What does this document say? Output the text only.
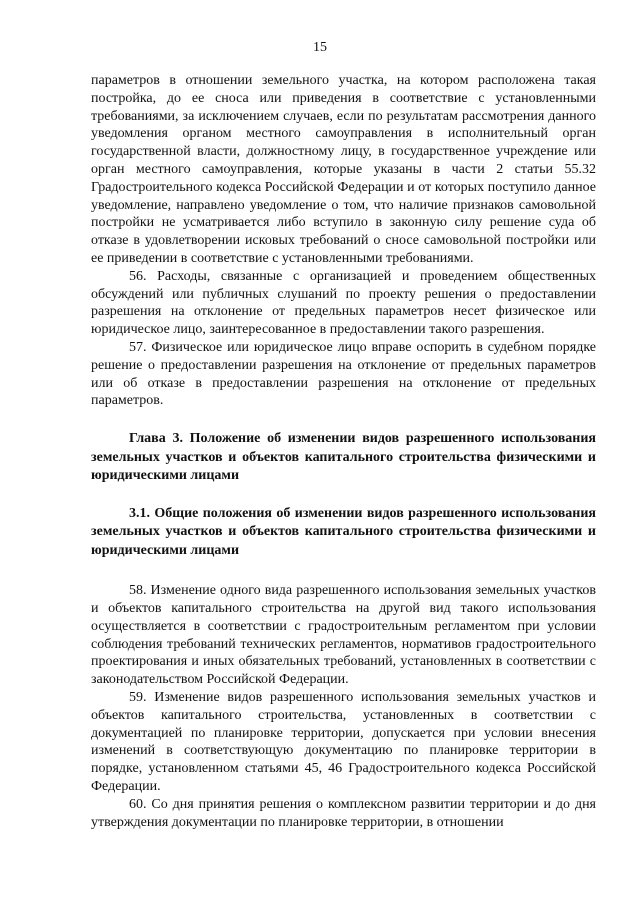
15

параметров в отношении земельного участка, на котором расположена такая постройка, до ее сноса или приведения в соответствие с установленными требованиями, за исключением случаев, если по результатам рассмотрения данного уведомления органом местного самоуправления в исполнительный орган государственной власти, должностному лицу, в государственное учреждение или орган местного самоуправления, которые указаны в части 2 статьи 55.32 Градостроительного кодекса Российской Федерации и от которых поступило данное уведомление, направлено уведомление о том, что наличие признаков самовольной постройки не усматривается либо вступило в законную силу решение суда об отказе в удовлетворении исковых требований о сносе самовольной постройки или ее приведении в соответствие с установленными требованиями.

56. Расходы, связанные с организацией и проведением общественных обсуждений или публичных слушаний по проекту решения о предоставлении разрешения на отклонение от предельных параметров несет физическое или юридическое лицо, заинтересованное в предоставлении такого разрешения.

57. Физическое или юридическое лицо вправе оспорить в судебном порядке решение о предоставлении разрешения на отклонение от предельных параметров или об отказе в предоставлении разрешения на отклонение от предельных параметров.

Глава 3. Положение об изменении видов разрешенного использования земельных участков и объектов капитального строительства физическими и юридическими лицами

3.1. Общие положения об изменении видов разрешенного использования земельных участков и объектов капитального строительства физическими и юридическими лицами

58. Изменение одного вида разрешенного использования земельных участков и объектов капитального строительства на другой вид такого использования осуществляется в соответствии с градостроительным регламентом при условии соблюдения требований технических регламентов, нормативов градостроительного проектирования и иных обязательных требований, установленных в соответствии с законодательством Российской Федерации.

59. Изменение видов разрешенного использования земельных участков и объектов капитального строительства, установленных в соответствии с документацией по планировке территории, допускается при условии внесения изменений в соответствующую документацию по планировке территории в порядке, установленном статьями 45, 46 Градостроительного кодекса Российской Федерации.

60. Со дня принятия решения о комплексном развитии территории и до дня утверждения документации по планировке территории, в отношении
